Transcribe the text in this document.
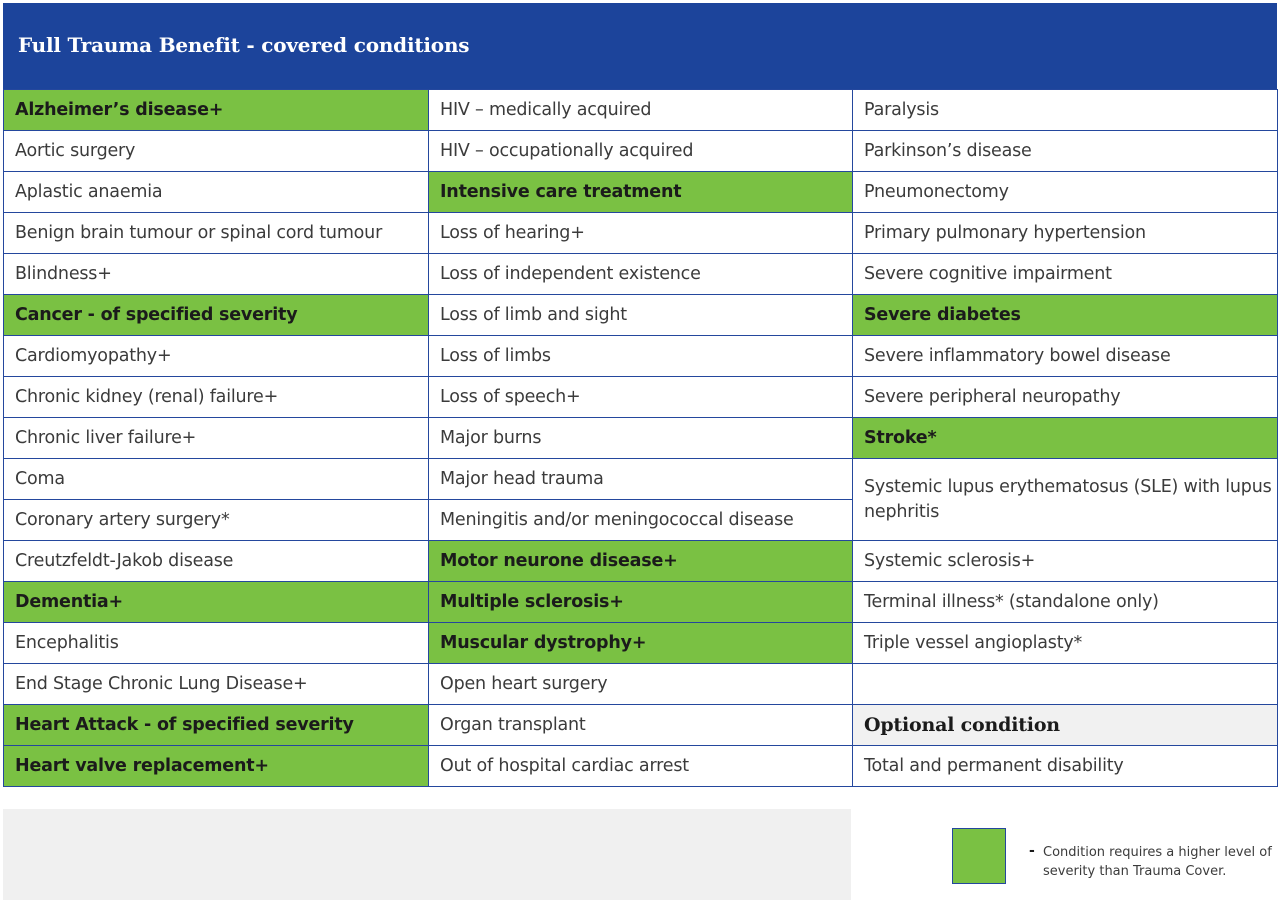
Full Trauma Benefit - covered conditions
Alzheimer’s disease+	HIV – medically acquired	Paralysis
Aortic surgery	HIV – occupationally acquired	Parkinson’s disease
Aplastic anaemia	Intensive care treatment	Pneumonectomy
Benign brain tumour or spinal cord tumour	Loss of hearing+	Primary pulmonary hypertension
Blindness+	Loss of independent existence	Severe cognitive impairment
Cancer - of specified severity	Loss of limb and sight	Severe diabetes
Cardiomyopathy+	Loss of limbs	Severe inflammatory bowel disease
Chronic kidney (renal) failure+	Loss of speech+	Severe peripheral neuropathy
Chronic liver failure+	Major burns	Stroke*
Coma	Major head trauma	Systemic lupus erythematosus (SLE) with lupus nephritis
Coronary artery surgery*	Meningitis and/or meningococcal disease	
Creutzfeldt-Jakob disease	Motor neurone disease+	Systemic sclerosis+
Dementia+	Multiple sclerosis+	Terminal illness* (standalone only)
Encephalitis	Muscular dystrophy+	Triple vessel angioplasty*
End Stage Chronic Lung Disease+	Open heart surgery	
Heart Attack - of specified severity	Organ transplant	Optional condition
Heart valve replacement+	Out of hospital cardiac arrest	Total and permanent disability
- Condition requires a higher level of severity than Trauma Cover.
